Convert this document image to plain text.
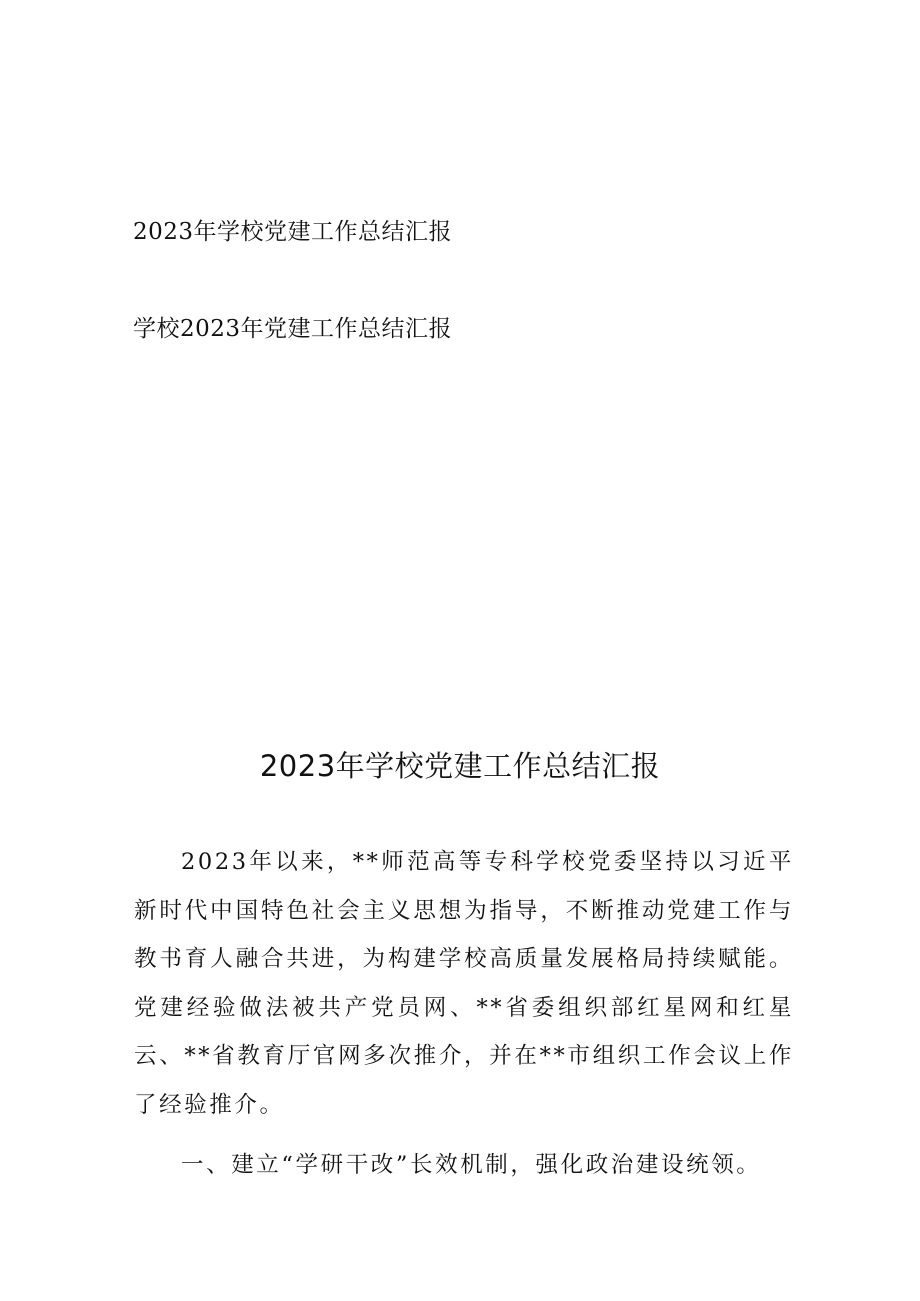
2023年学校党建工作总结汇报
学校2023年党建工作总结汇报
2023年学校党建工作总结汇报

2023年以来，**师范高等专科学校党委坚持以习近平新时代中国特色社会主义思想为指导，不断推动党建工作与教书育人融合共进，为构建学校高质量发展格局持续赋能。党建经验做法被共产党员网、**省委组织部红星网和红星云、**省教育厅官网多次推介，并在**市组织工作会议上作了经验推介。

一、建立“学研干改”长效机制，强化政治建设统领。
